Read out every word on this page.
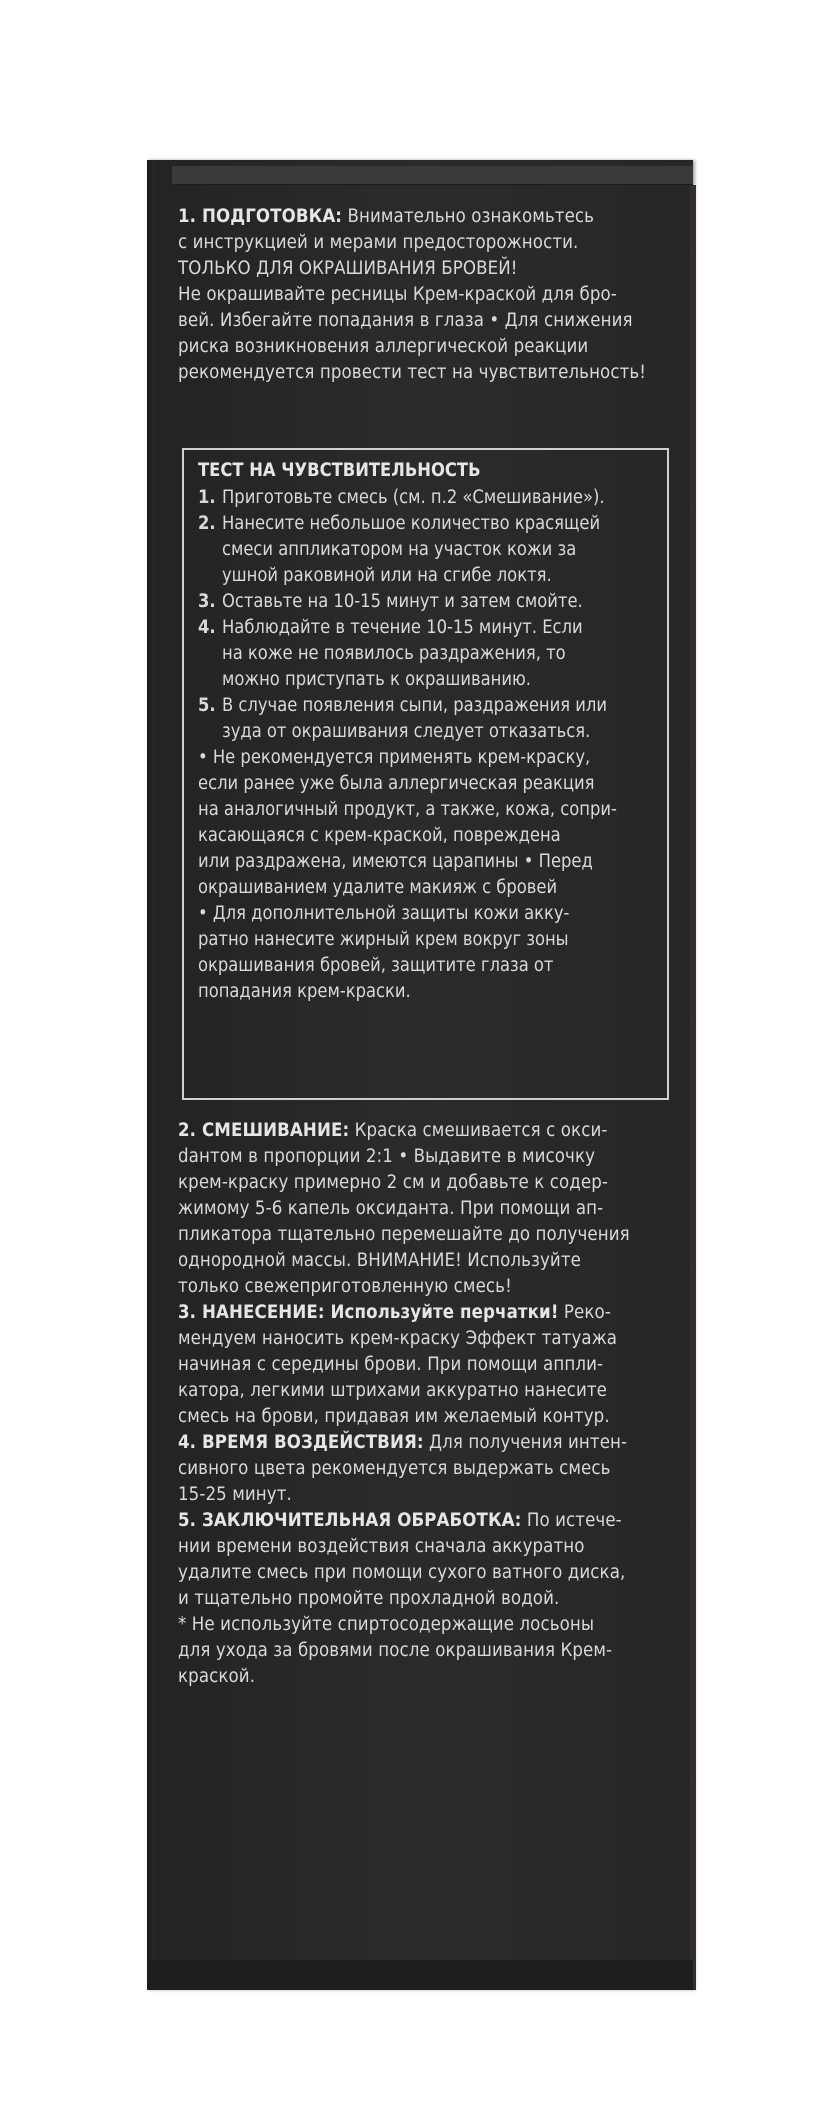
1. ПОДГОТОВКА: Внимательно ознакомьтесь
с инструкцией и мерами предосторожности.
ТОЛЬКО ДЛЯ ОКРАШИВАНИЯ БРОВЕЙ!
Не окрашивайте ресницы Крем-краской для бро-
вей. Избегайте попадания в глаза • Для снижения
риска возникновения аллергической реакции
рекомендуется провести тест на чувствительность!

ТЕСТ НА ЧУВСТВИТЕЛЬНОСТЬ

1. Приготовьте смесь (см. п.2 «Смешивание»).
2. Нанесите небольшое количество красящей
смеси аппликатором на участок кожи за
ушной раковиной или на сгибе локтя.
3. Оставьте на 10-15 минут и затем смойте.
4. Наблюдайте в течение 10-15 минут. Если
на коже не появилось раздражения, то
можно приступать к окрашиванию.
5. В случае появления сыпи, раздражения или
зуда от окрашивания следует отказаться.

• Не рекомендуется применять крем-краску,
если ранее уже была аллергическая реакция
на аналогичный продукт, а также, кожа, сопри-
касающаяся с крем-краской, повреждена
или раздражена, имеются царапины • Перед
окрашиванием удалите макияж с бровей
• Для дополнительной защиты кожи акку-
ратно нанесите жирный крем вокруг зоны
окрашивания бровей, защитите глаза от
попадания крем-краски.

2. СМЕШИВАНИЕ: Краска смешивается с окси-
dантом в пропорции 2:1 • Выдавите в мисочку
крем-краску примерно 2 см и добавьте к содер-
жимому 5-6 капель оксиданта. При помощи ап-
пликатора тщательно перемешайте до получения
однородной массы. ВНИМАНИЕ! Используйте
только свежеприготовленную смесь!

3. НАНЕСЕНИЕ: Используйте перчатки! Реко-
мендуем наносить крем-краску Эффект татуажа
начиная с середины брови. При помощи аппли-
катора, легкими штрихами аккуратно нанесите
смесь на брови, придавая им желаемый контур.

4. ВРЕМЯ ВОЗДЕЙСТВИЯ: Для получения интен-
сивного цвета рекомендуется выдержать смесь
15-25 минут.

5. ЗАКЛЮЧИТЕЛЬНАЯ ОБРАБОТКА: По истече-
нии времени воздействия сначала аккуратно
удалите смесь при помощи сухого ватного диска,
и тщательно промойте прохладной водой.

* Не используйте спиртосодержащие лосьоны
для ухода за бровями после окрашивания Крем-
краской.
